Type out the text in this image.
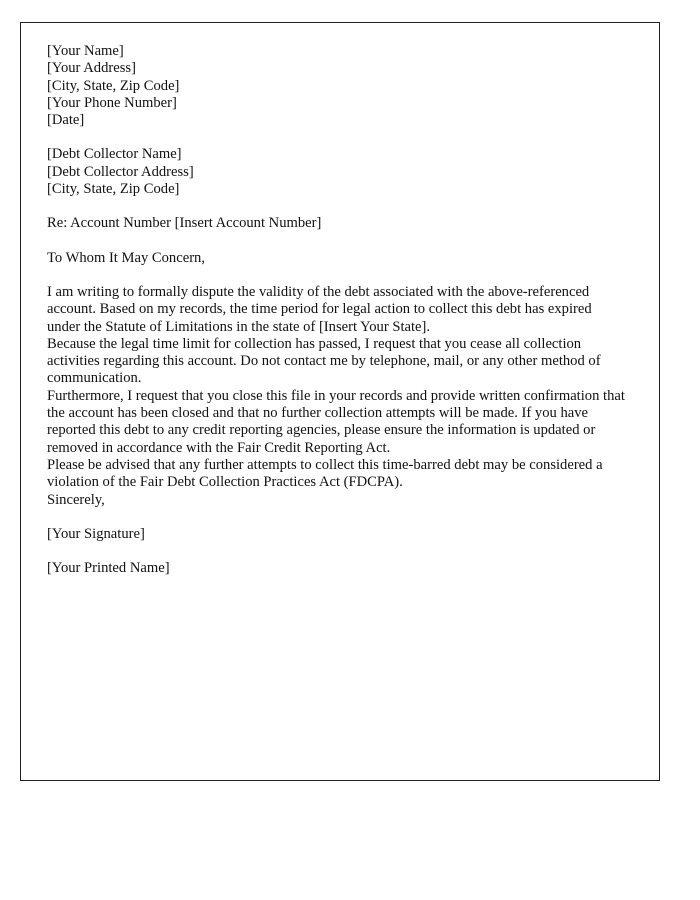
[Your Name]
[Your Address]
[City, State, Zip Code]
[Your Phone Number]
[Date]
[Debt Collector Name]
[Debt Collector Address]
[City, State, Zip Code]
Re: Account Number [Insert Account Number]
To Whom It May Concern,

I am writing to formally dispute the validity of the debt associated with the above-referenced account. Based on my records, the time period for legal action to collect this debt has expired under the Statute of Limitations in the state of [Insert Your State].

Because the legal time limit for collection has passed, I request that you cease all collection activities regarding this account. Do not contact me by telephone, mail, or any other method of communication.

Furthermore, I request that you close this file in your records and provide written confirmation that the account has been closed and that no further collection attempts will be made. If you have reported this debt to any credit reporting agencies, please ensure the information is updated or removed in accordance with the Fair Credit Reporting Act.

Please be advised that any further attempts to collect this time-barred debt may be considered a violation of the Fair Debt Collection Practices Act (FDCPA).

Sincerely,
[Your Signature]
[Your Printed Name]
